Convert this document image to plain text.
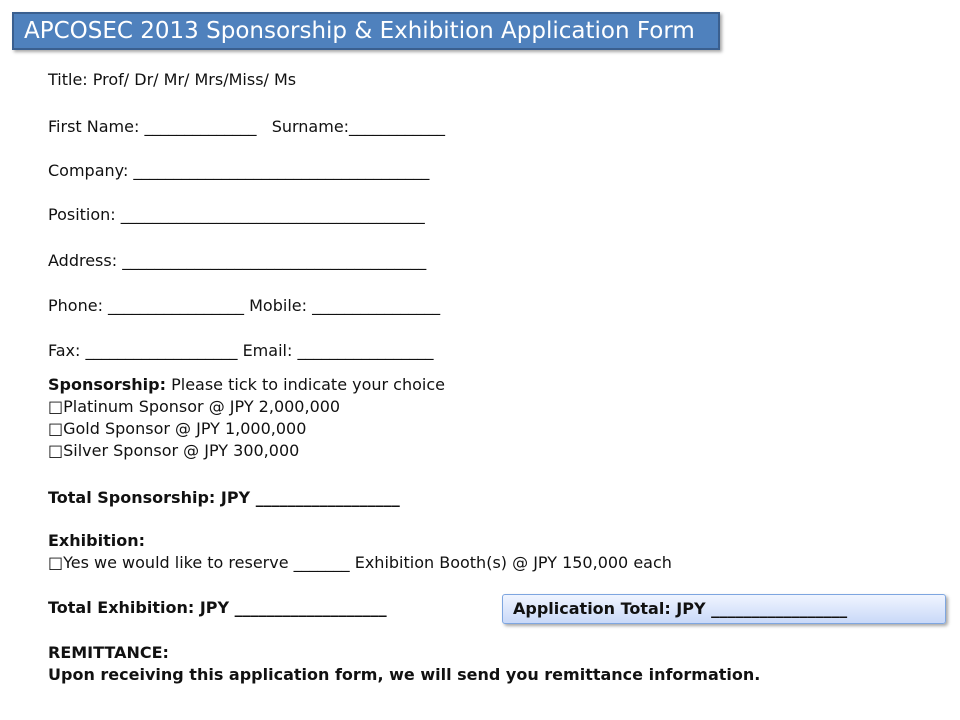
APCOSEC 2013 Sponsorship & Exhibition Application Form
Title: Prof/ Dr/ Mr/ Mrs/Miss/ Ms
First Name: ______________   Surname:____________
Company: _____________________________________
Position: ______________________________________
Address: ______________________________________
Phone: _________________ Mobile: ________________
Fax: ___________________ Email: _________________
Sponsorship: Please tick to indicate your choice
□Platinum Sponsor @ JPY 2,000,000
□Gold Sponsor @ JPY 1,000,000
□Silver Sponsor @ JPY 300,000
Total Sponsorship: JPY __________________
Exhibition:
□Yes we would like to reserve _______ Exhibition Booth(s) @ JPY 150,000 each
Total Exhibition: JPY ___________________	Application Total: JPY _________________
REMITTANCE:
Upon receiving this application form, we will send you remittance information.
